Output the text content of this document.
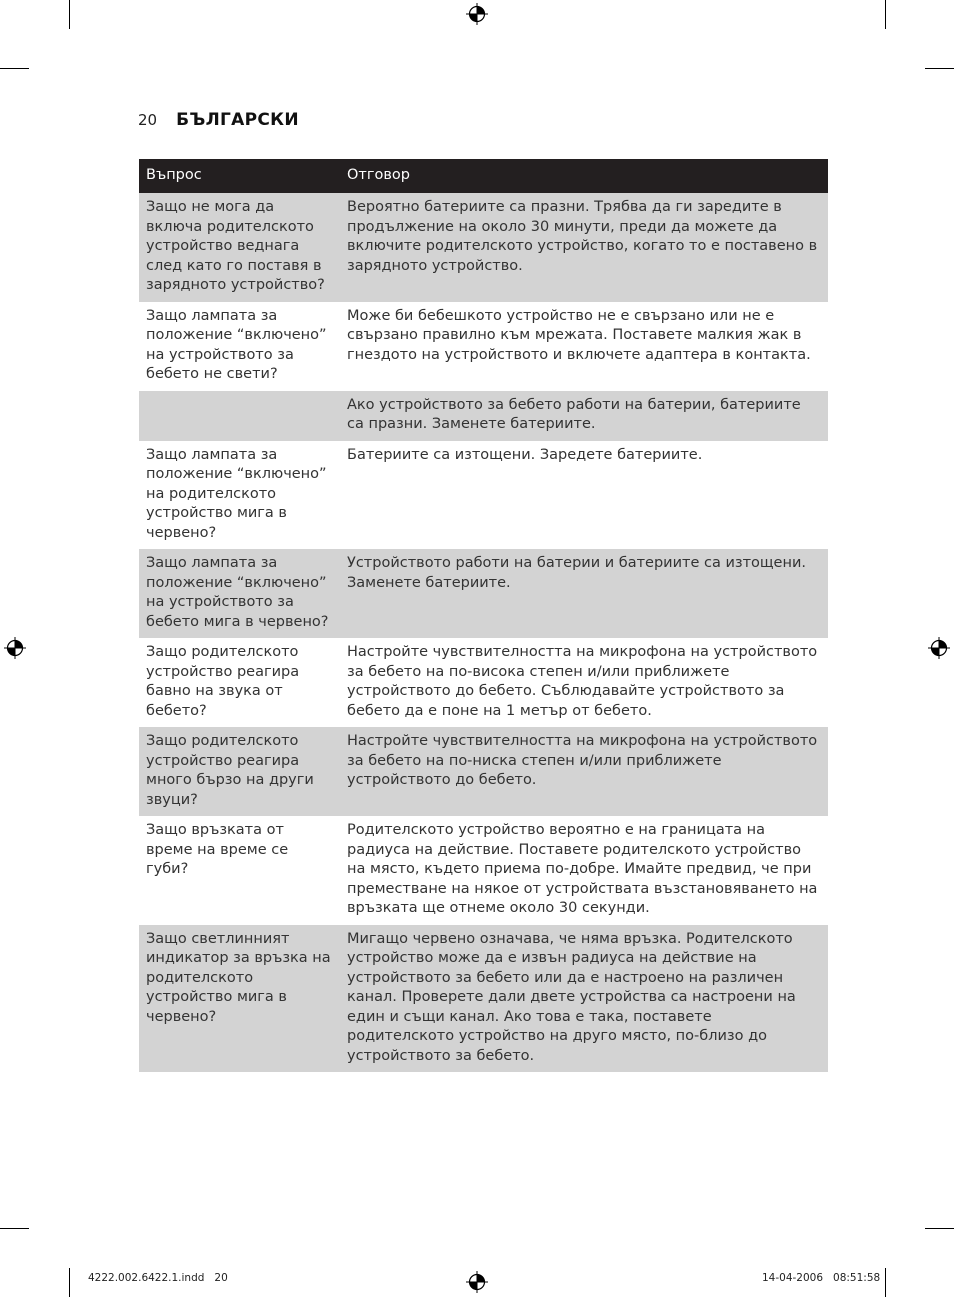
20 БЪЛГАРСКИ
Въпрос	Отговор
Защо не мога да включа родителското устройство веднага след като го поставя в зарядното устройство?	Вероятно батериите са празни. Трябва да ги заредите в продължение на около 30 минути, преди да можете да включите родителското устройство, когато то е поставено в зарядното устройство.
Защо лампата за положение “включено” на устройството за бебето не свети?	Може би бебешкото устройство не е свързано или не е свързано правилно към мрежата. Поставете малкия жак в гнездото на устройството и включете адаптера в контакта.
	Ако устройството за бебето работи на батерии, батериите са празни. Заменете батериите.
Защо лампата за положение “включено” на родителското устройство мига в червено?	Батериите са изтощени. Заредете батериите.
Защо лампата за положение “включено” на устройството за бебето мига в червено?	Устройството работи на батерии и батериите са изтощени. Заменете батериите.
Защо родителското устройство реагира бавно на звука от бебето?	Настройте чувствителността на микрофона на устройството за бебето на по-висока степен и/или приближете устройството до бебето. Съблюдавайте устройството за бебето да е поне на 1 метър от бебето.
Защо родителското устройство реагира много бързо на други звуци?	Настройте чувствителността на микрофона на устройството за бебето на по-ниска степен и/или приближете устройството до бебето.
Защо връзката от време на време се губи?	Родителското устройство вероятно е на границата на радиуса на действие. Поставете родителското устройство на място, където приема по-добре. Имайте предвид, че при преместване на някое от устройствата възстановяването на връзката ще отнеме около 30 секунди.
Защо светлинният индикатор за връзка на родителското устройство мига в червено?	Мигащо червено означава, че няма връзка. Родителското устройство може да е извън радиуса на действие на устройството за бебето или да е настроено на различен канал. Проверете дали двете устройства са настроени на един и същи канал. Ако това е така, поставете родителското устройство на друго място, по-близо до устройството за бебето.
4222.002.6422.1.indd   20	14-04-2006   08:51:58
